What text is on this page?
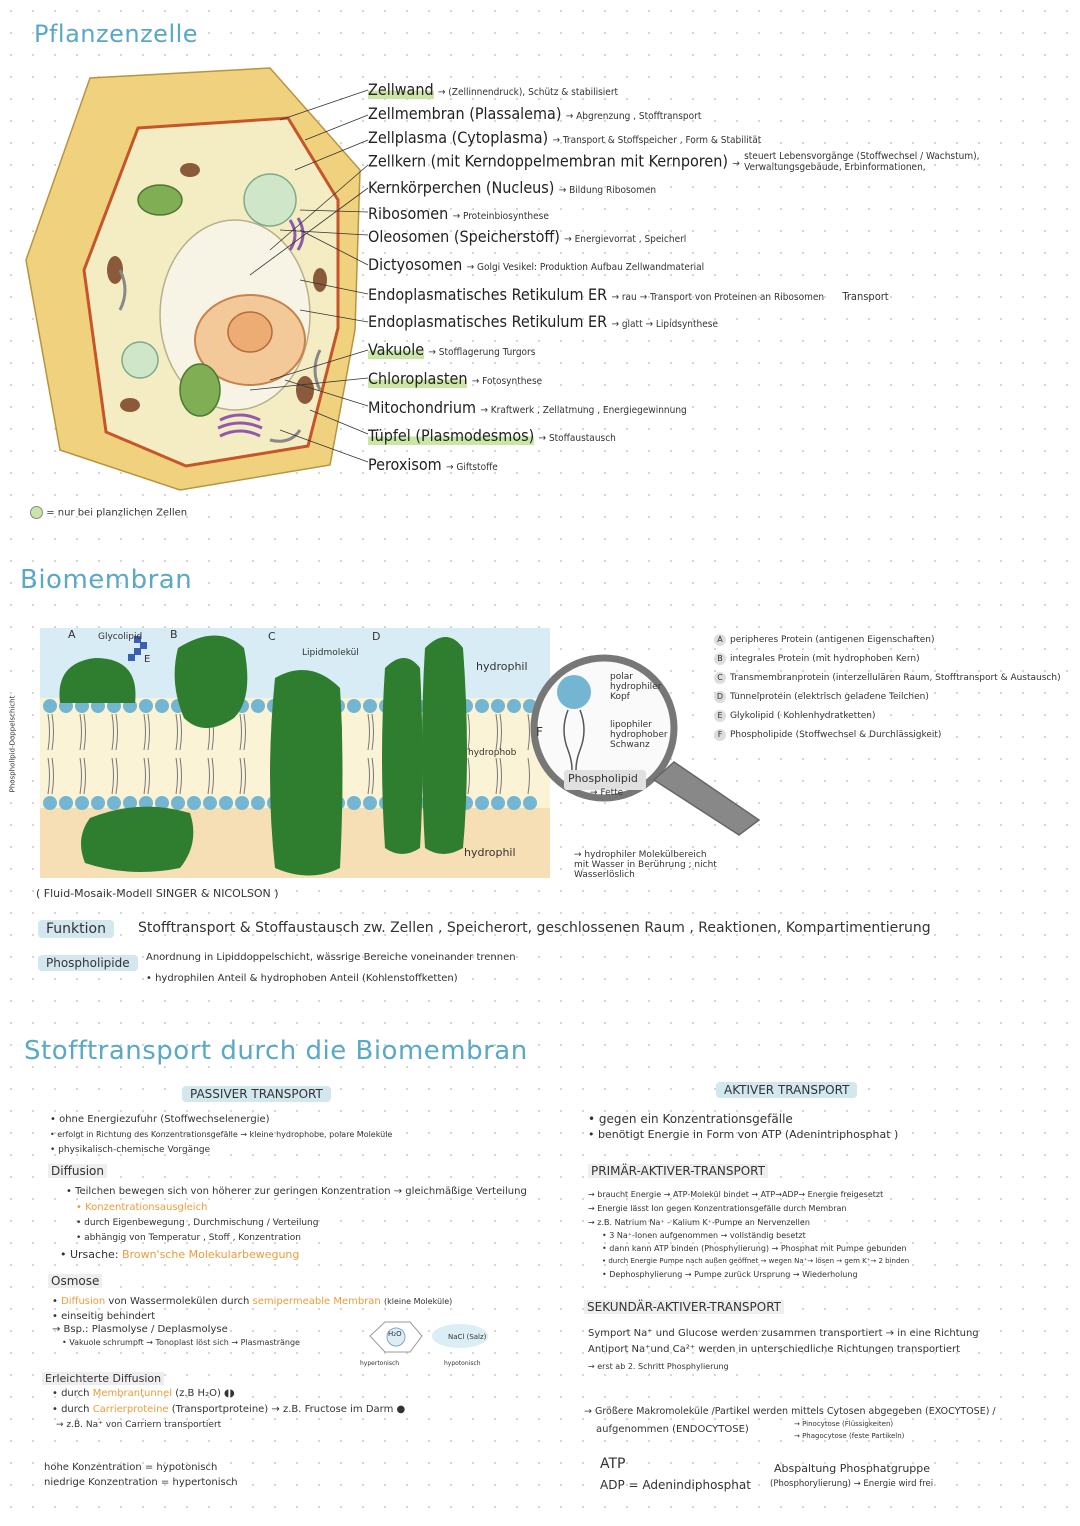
Pflanzenzelle
Zellwand → (Zellinnendruck), Schütz & stabilisiert
Zellmembran (Plassalema) → Abgrenzung , Stofftransport
Zellplasma (Cytoplasma) → Transport & Stoffspeicher , Form & Stabilität
Zellkern (mit Kerndoppelmembran mit Kernporen) → steuert Lebensvorgänge (Stoffwechsel / Wachstum), Verwaltungsgebäude, Erbinformationen,
Kernkörperchen (Nucleus) → Bildung Ribosomen
Ribosomen → Proteinbiosynthese
Oleosomen (Speicherstoff) → Energievorrat , Speicherl
Dictyosomen → Golgi Vesikel: Produktion Aufbau Zellwandmaterial
Endoplasmatisches Retikulum ER → rau → Transport von Proteinen an Ribosomen Transport
Endoplasmatisches Retikulum ER → glatt → Lipidsynthese
Vakuole → Stofflagerung Turgors
Chloroplasten → Fotosynthese
Mitochondrium → Kraftwerk , Zellatmung , Energiegewinnung
Tüpfel (Plasmodesmos) → Stoffaustausch
Peroxisom → Giftstoffe
= nur bei planzlichen Zellen
Biomembran
A Glycolipid	B
E
C	D
Lipidmolekül
hydrophil
hydrophob
hydrophil
Phospholipid-Doppelschicht	F
polar hydrophiler Kopf
lipophiler hydrophober Schwanz
Phospholipid
→ Fette
→ hydrophiler Molekülbereich mit Wasser in Berührung ; nicht Wasserlöslich
A peripheres Protein (antigenen Eigenschaften)
B integrales Protein (mit hydrophoben Kern)
C Transmembranprotein (interzellulären Raum, Stofftransport & Austausch)
D Tunnelprotein (elektrisch geladene Teilchen)
E Glykolipid ( Kohlenhydratketten)
F Phospholipide (Stoffwechsel & Durchlässigkeit)
( Fluid-Mosaik-Modell SINGER & NICOLSON )
Funktion	Stofftransport & Stoffaustausch zw. Zellen , Speicherort, geschlossenen Raum , Reaktionen, Kompartimentierung
Phospholipide	Anordnung in Lipiddoppelschicht, wässrige Bereiche voneinander trennen
• hydrophilen Anteil & hydrophoben Anteil (Kohlenstoffketten)
Stofftransport durch die Biomembran
PASSIVER TRANSPORT
• ohne Energiezufuhr (Stoffwechselenergie)
• erfolgt in Richtung des Konzentrationsgefälle → kleine hydrophobe, polare Moleküle
• physikalisch-chemische Vorgänge
Diffusion
• Teilchen bewegen sich von höherer zur geringen Konzentration → gleichmäßige Verteilung
• Konzentrationsausgleich
• durch Eigenbewegung , Durchmischung / Verteilung
• abhängig von Temperatur , Stoff , Konzentration
• Ursache: Brown'sche Molekularbewegung
Osmose
• Diffusion von Wassermolekülen durch semipermeable Membran (kleine Moleküle)
• einseitig behindert
→ Bsp.: Plasmolyse / Deplasmolyse
• Vakuole schrumpft → Tonoplast löst sich → Plasmastränge
H₂O	NaCl (Salz)
hypertonisch	hypotonisch
Erleichterte Diffusion
• durch Membrantunnel (z.B H₂O) ◖◗
• durch Carrierproteine (Transportproteine) → z.B. Fructose im Darm ●
→ z.B. Na⁺ von Carriern transportiert
hohe Konzentration = hypotonisch
niedrige Konzentration = hypertonisch
AKTIVER TRANSPORT
• gegen ein Konzentrationsgefälle
• benötigt Energie in Form von ATP (Adenintriphosphat )
PRIMÄR-AKTIVER-TRANSPORT
→ braucht Energie → ATP-Molekül bindet → ATP→ADP→ Energie freigesetzt
→ Energie lässt Ion gegen Konzentrationsgefälle durch Membran
→ z.B. Natrium Na⁺ - Kalium K⁺-Pumpe an Nervenzellen
• 3 Na⁺-Ionen aufgenommen → vollständig besetzt
• dann kann ATP binden (Phosphylierung) → Phosphat mit Pumpe gebunden
• durch Energie Pumpe nach außen geöffnet → wegen Na⁺→ lösen → gem K⁺→ 2 binden
• Dephosphylierung → Pumpe zurück Ursprung → Wiederholung
SEKUNDÄR-AKTIVER-TRANSPORT
Symport Na⁺ und Glucose werden zusammen transportiert → in eine Richtung
Antiport Na⁺und Ca²⁺ werden in unterschiedliche Richtungen transportiert
→ erst ab 2. Schritt Phosphylierung
→ Größere Makromoleküle /Partikel werden mittels Cytosen abgegeben (EXOCYTOSE) /
aufgenommen (ENDOCYTOSE)	→ Pinocytose (Flüssigkeiten)
→ Phagocytose (feste Partikeln)
ATP
ADP = Adenindiphosphat
Abspaltung Phosphatgruppe
(Phosphorylierung) → Energie wird frei
